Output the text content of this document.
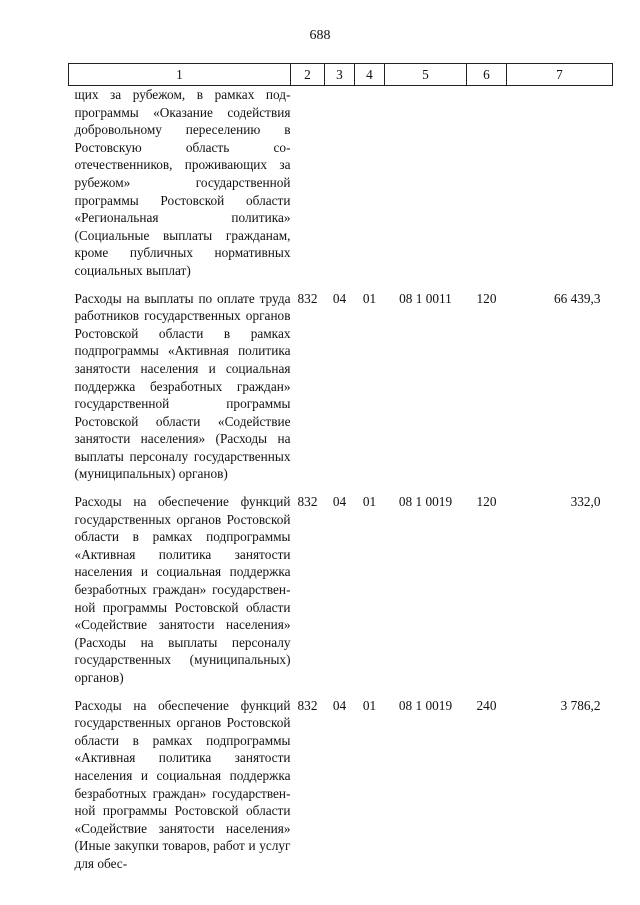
688
1	2	3	4	5	6	7
щих за рубежом, в рамках подпрограммы «Оказание содействия добровольному переселению в Ростовскую область соотечественников, проживающих за рубежом» государственной программы Ростовской области «Региональная политика» (Социальные выплаты гражданам, кроме публичных нормативных социальных выплат)						

Расходы на выплаты по оплате труда работников государственных органов Ростовской области в рамках подпрограммы «Активная политика занятости населения и социальная поддержка безработных граждан» государственной программы Ростовской области «Содействие занятости населения» (Расходы на выплаты персоналу государственных (муниципальных) органов)	832	04	01	08 1 0011	120	66 439,3

Расходы на обеспечение функций государственных органов Ростовской области в рамках подпрограммы «Активная политика занятости населения и социальная поддержка безработных граждан» государственной программы Ростовской области «Содействие занятости населения» (Расходы на выплаты персоналу государственных (муниципальных) органов)	832	04	01	08 1 0019	120	332,0

Расходы на обеспечение функций государственных органов Ростовской области в рамках подпрограммы «Активная политика занятости населения и социальная поддержка безработных граждан» государственной программы Ростовской области «Содействие занятости населения» (Иные закупки товаров, работ и услуг для обес-	832	04	01	08 1 0019	240	3 786,2
